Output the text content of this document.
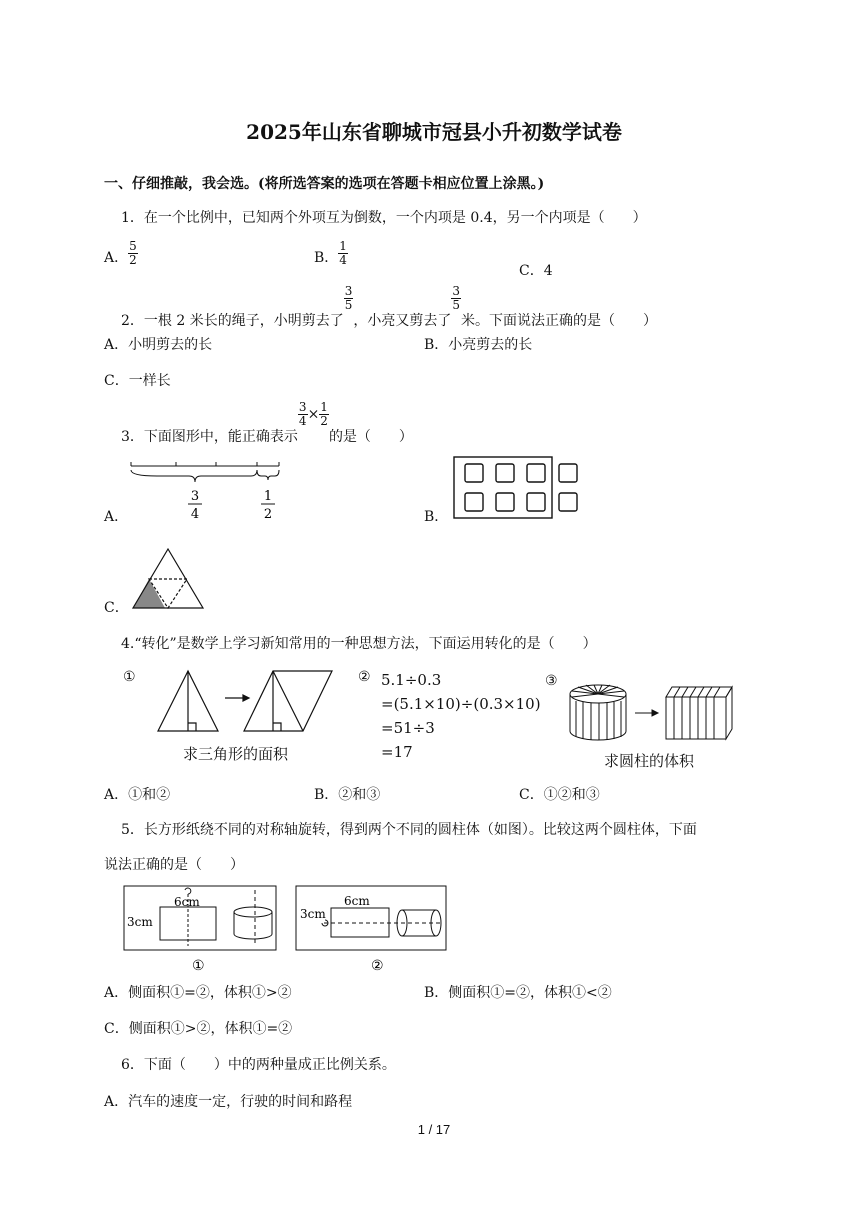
2025年山东省聊城市冠县小升初数学试卷
一、仔细推敲，我会选。(将所选答案的选项在答题卡相应位置上涂黑。)
1．在一个比例中，已知两个外项互为倒数，一个内项是 0.4，另一个内项是（　　）
A． $\frac{5}{2}$	B． $\frac{1}{4}$
C．4
2．一根 2 米长的绳子，小明剪去了
$\frac{3}{5}$
，小亮又剪去了
$\frac{3}{5}$
米。下面说法正确的是（　　）
A．小明剪去的长	B．小亮剪去的长
C．一样长
3．下面图形中，能正确表示
$\frac{3}{4} \times \frac{1}{2}$
的是（　　）
A．
3
4
1
2	B．
C．
4.“转化”是数学上学习新知常用的一种思想方法，下面运用转化的是（　　）
①
求三角形的面积
② 5.1÷0.3
=(5.1×10)÷(0.3×10)
=51÷3
=17
③
求圆柱的体积
A．①和②	B．②和③	C．①②和③
5．长方形纸绕不同的对称轴旋转，得到两个不同的圆柱体（如图）。比较这两个圆柱体，下面
说法正确的是（　　）
6cm
3cm
①
6cm
3cm
②
A．侧面积①=②，体积①>②	B．侧面积①=②，体积①<②
C．侧面积①>②，体积①=②
6．下面（　　）中的两种量成正比例关系。
A．汽车的速度一定，行驶的时间和路程
1 / 17
